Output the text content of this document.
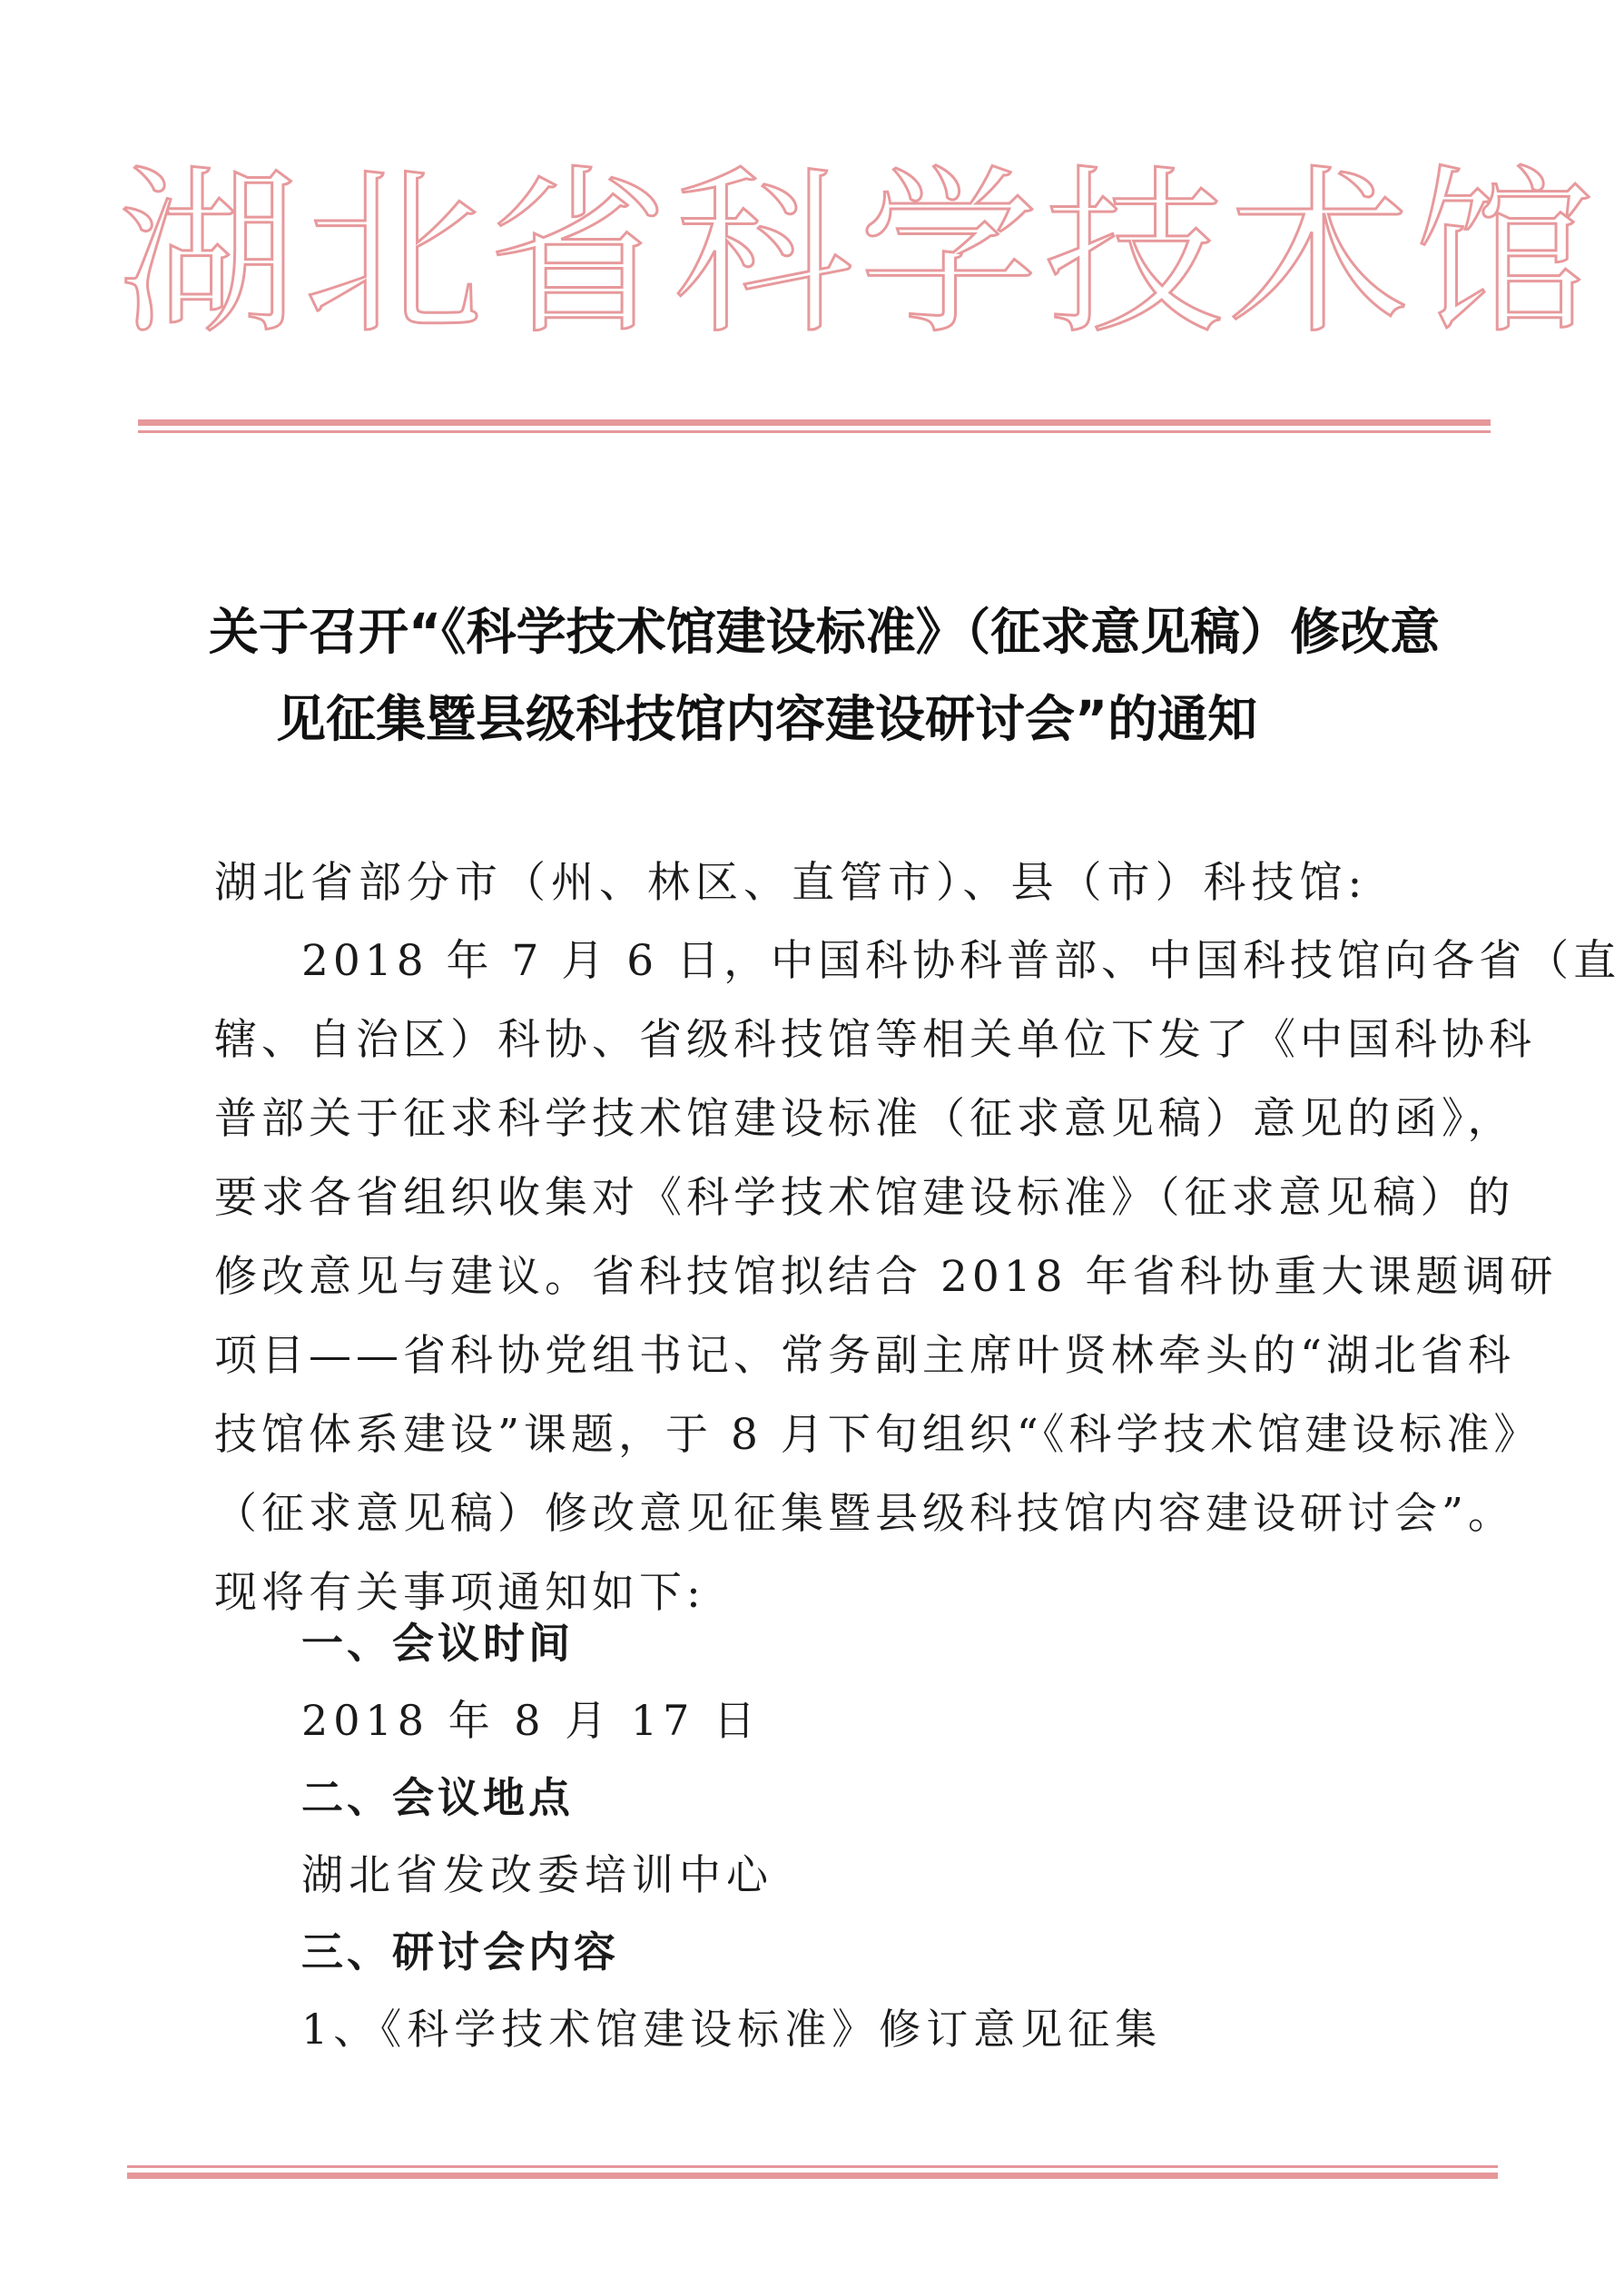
湖北省科学技术馆
关于召开“《科学技术馆建设标准》（征求意见稿）修改意
见征集暨县级科技馆内容建设研讨会”的通知
湖北省部分市（州、林区、直管市）、县（市）科技馆:
2018 年 7 月 6 日，中国科协科普部、中国科技馆向各省（直
辖、自治区）科协、省级科技馆等相关单位下发了《中国科协科
普部关于征求科学技术馆建设标准（征求意见稿）意见的函》，
要求各省组织收集对《科学技术馆建设标准》（征求意见稿）的
修改意见与建议。省科技馆拟结合 2018 年省科协重大课题调研
项目——省科协党组书记、常务副主席叶贤林牵头的“湖北省科
技馆体系建设”课题，于 8 月下旬组织“《科学技术馆建设标准》
（征求意见稿）修改意见征集暨县级科技馆内容建设研讨会”。
现将有关事项通知如下:
一、会议时间
2018 年 8 月 17 日
二、会议地点
湖北省发改委培训中心
三、研讨会内容
1、《科学技术馆建设标准》修订意见征集
